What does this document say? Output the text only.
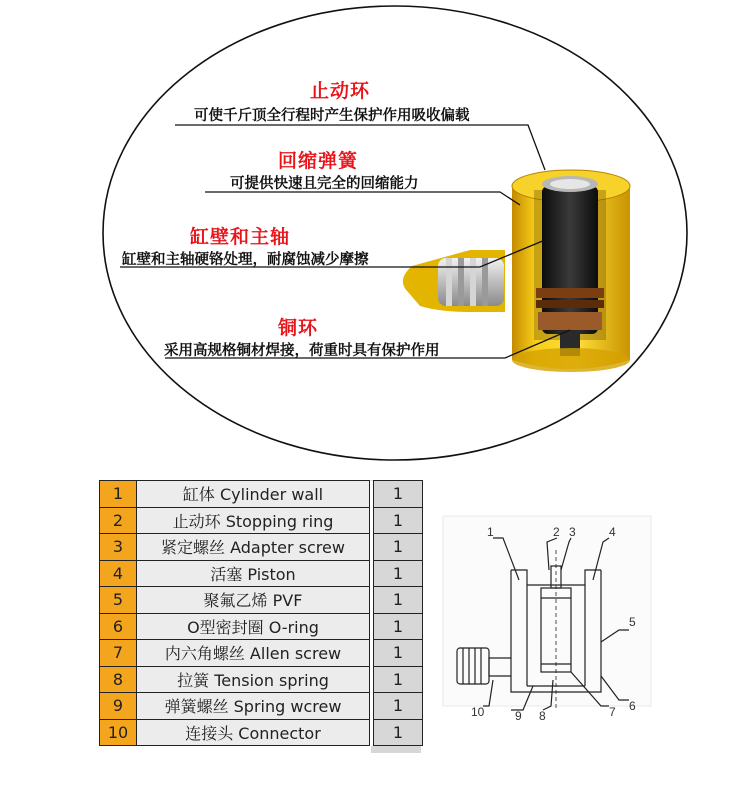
止动环
可使千斤顶全行程时产生保护作用吸收偏载
回缩弹簧
可提供快速且完全的回缩能力
缸壁和主轴
缸壁和主轴硬铬处理，耐腐蚀减少摩擦
铜环
采用高规格铜材焊接，荷重时具有保护作用
1	缸体 Cylinder wall		1
2	止动环 Stopping ring		1
3	紧定螺丝 Adapter screw		1
4	活塞 Piston		1
5	聚氟乙烯 PVF		1
6	O型密封圈 O-ring		1
7	内六角螺丝 Allen screw		1
8	拉簧 Tension spring		1
9	弹簧螺丝 Spring wcrew		1
10	连接头 Connector		1
1	2 3	4
5
6
7
8
9
10
